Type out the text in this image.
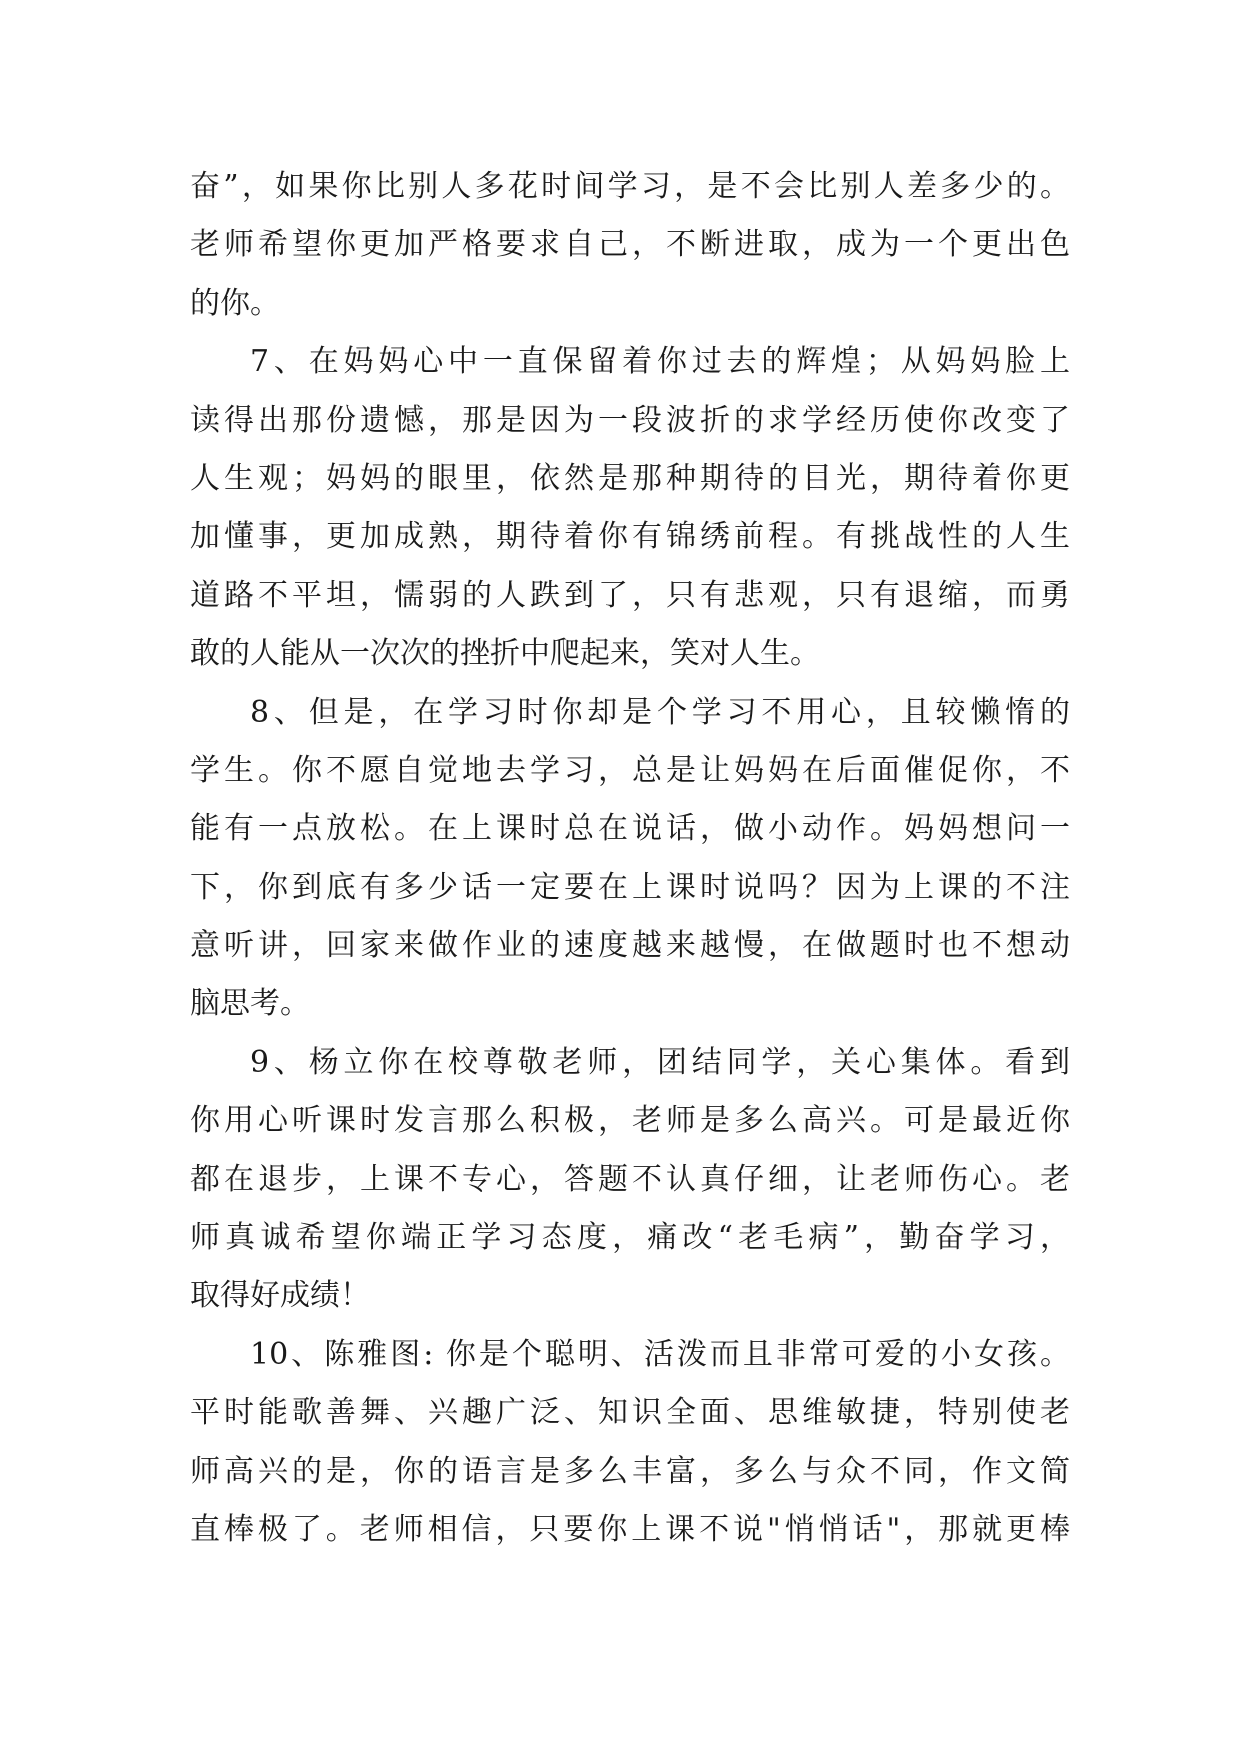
奋”，如果你比别人多花时间学习，是不会比别人差多少的。
老师希望你更加严格要求自己，不断进取，成为一个更出色
的你。
7、在妈妈心中一直保留着你过去的辉煌；从妈妈脸上
读得出那份遗憾，那是因为一段波折的求学经历使你改变了
人生观；妈妈的眼里，依然是那种期待的目光，期待着你更
加懂事，更加成熟，期待着你有锦绣前程。有挑战性的人生
道路不平坦，懦弱的人跌到了，只有悲观，只有退缩，而勇
敢的人能从一次次的挫折中爬起来，笑对人生。
8、但是，在学习时你却是个学习不用心，且较懒惰的
学生。你不愿自觉地去学习，总是让妈妈在后面催促你，不
能有一点放松。在上课时总在说话，做小动作。妈妈想问一
下，你到底有多少话一定要在上课时说吗？因为上课的不注
意听讲，回家来做作业的速度越来越慢，在做题时也不想动
脑思考。
9、杨立你在校尊敬老师，团结同学，关心集体。看到
你用心听课时发言那么积极，老师是多么高兴。可是最近你
都在退步，上课不专心，答题不认真仔细，让老师伤心。老
师真诚希望你端正学习态度，痛改“老毛病”，勤奋学习，
取得好成绩！
10、陈雅图: 你是个聪明、活泼而且非常可爱的小女孩。
平时能歌善舞、兴趣广泛、知识全面、思维敏捷，特别使老
师高兴的是，你的语言是多么丰富，多么与众不同，作文简
直棒极了。老师相信，只要你上课不说"悄悄话"，那就更棒
